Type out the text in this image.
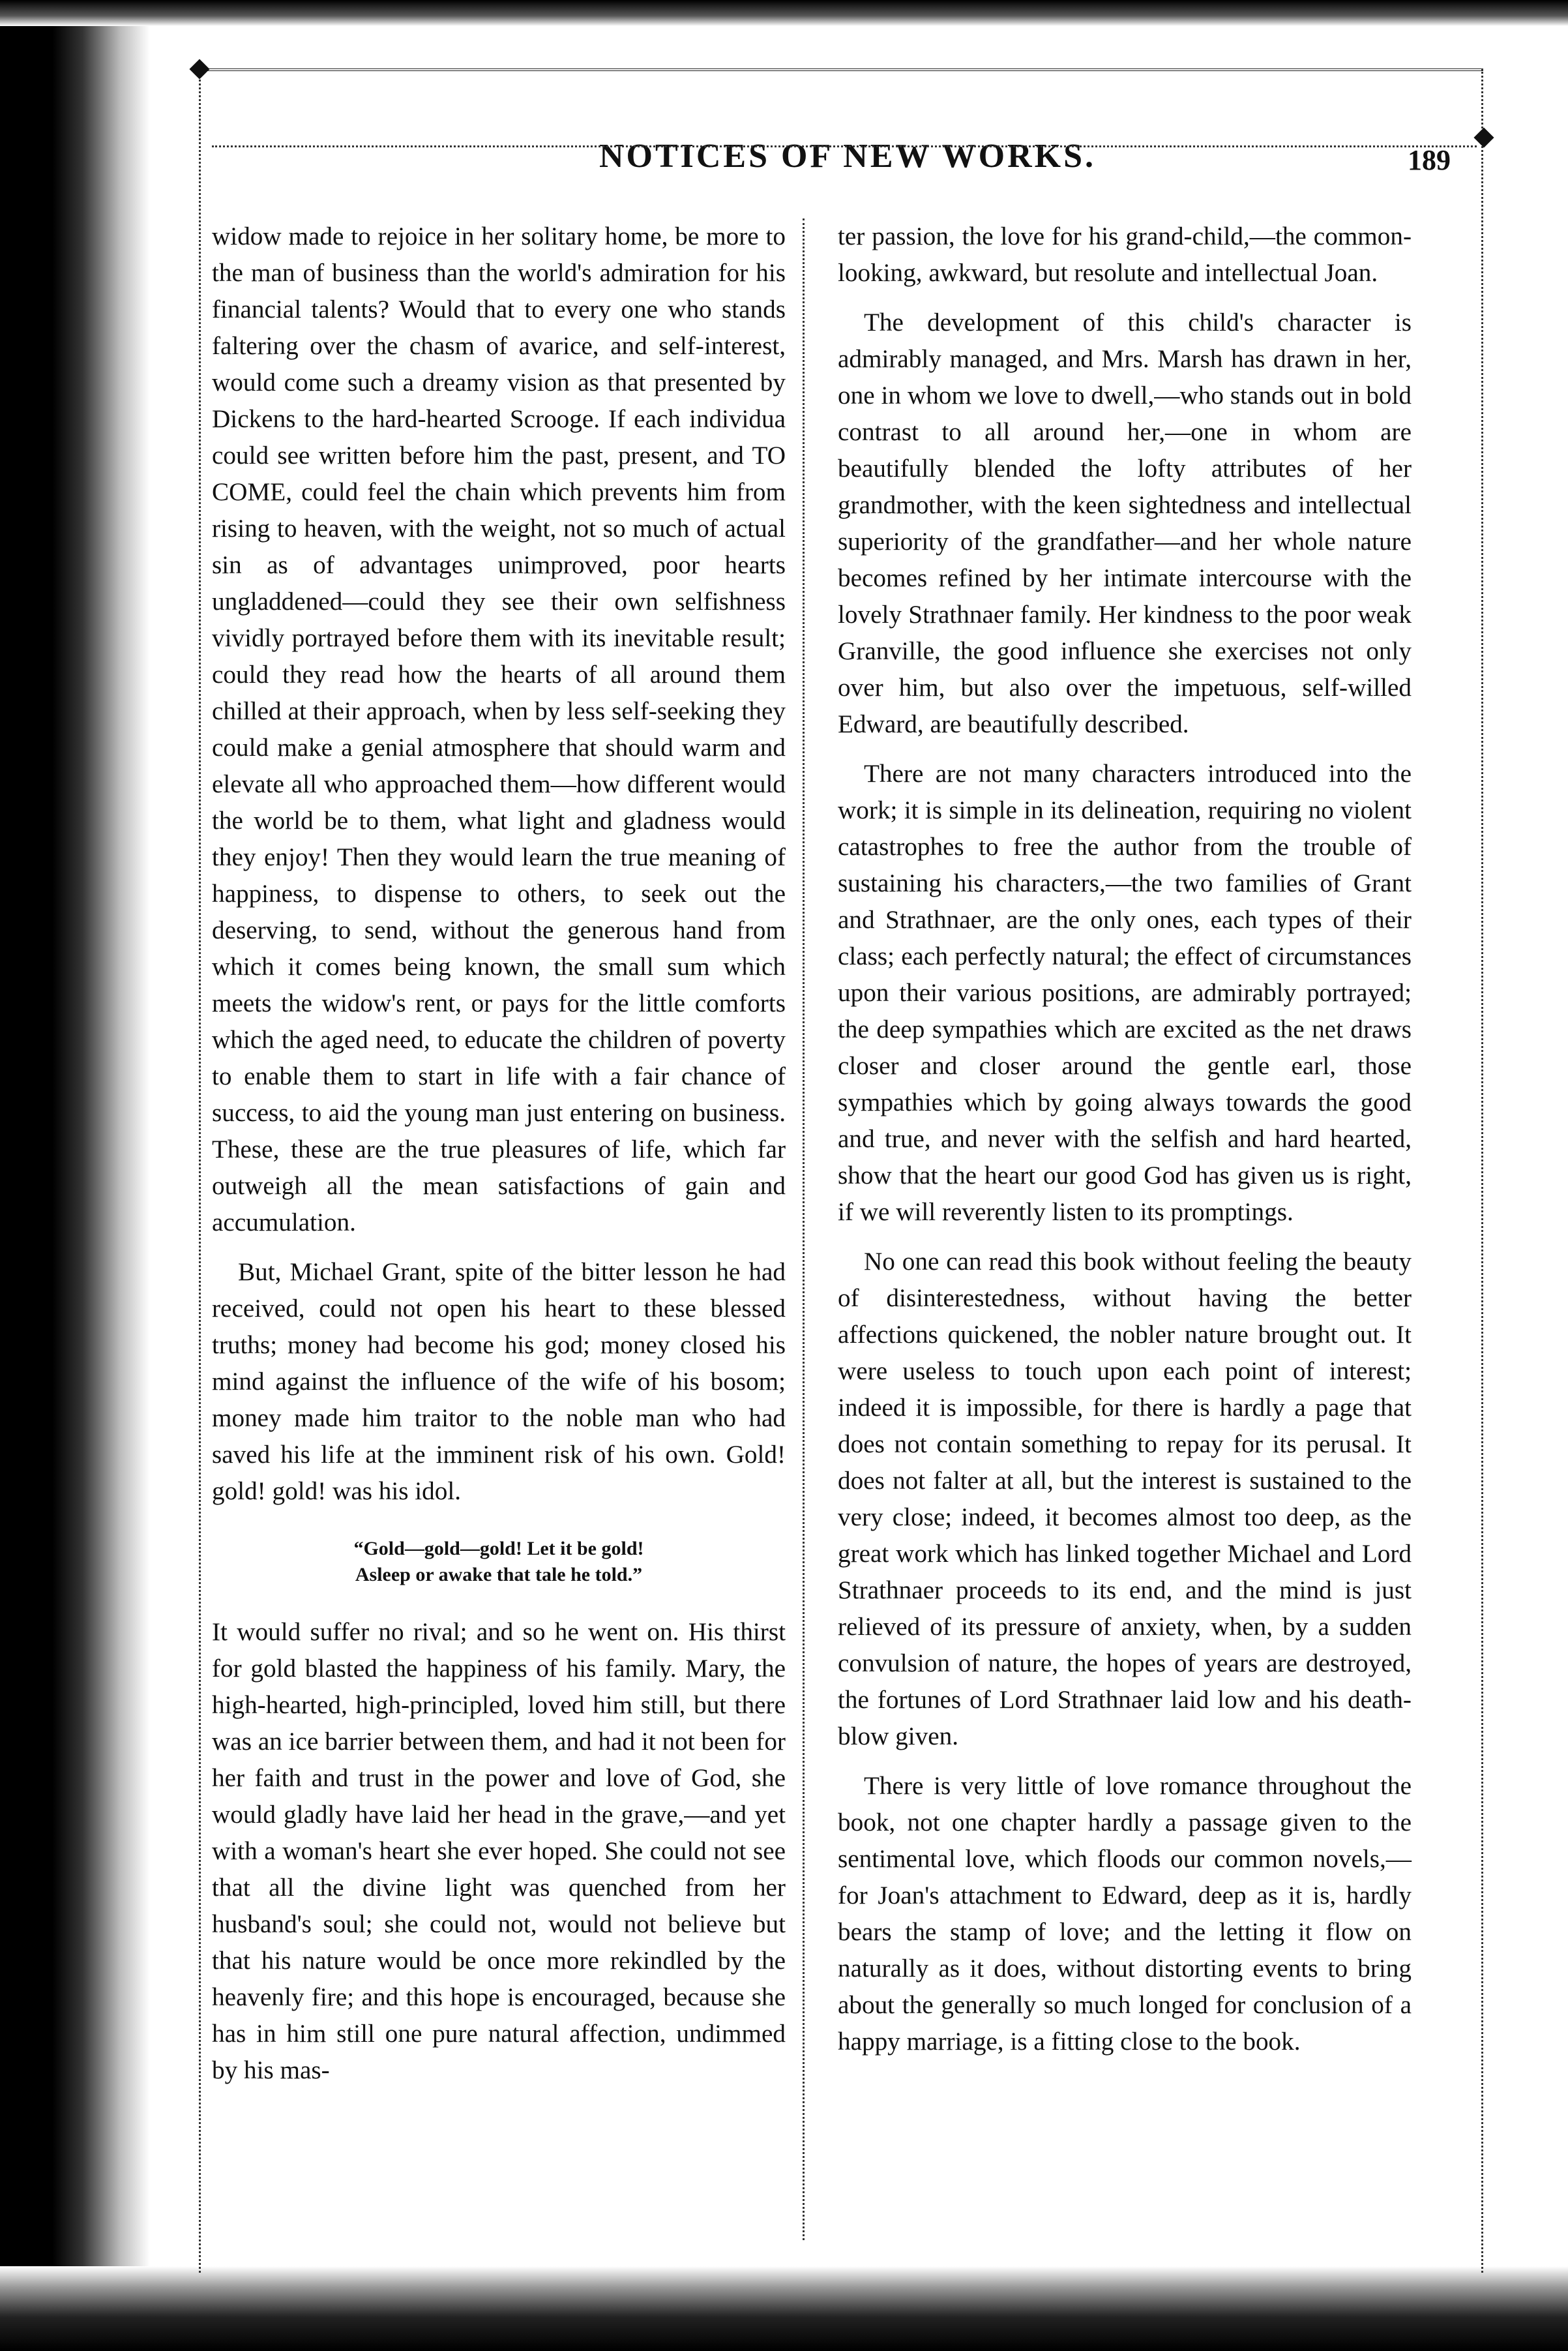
NOTICES OF NEW WORKS.	189

widow made to rejoice in her solitary home, be more to the man of business than the world's admiration for his financial talents? Would that to every one who stands faltering over the chasm of avarice, and self-interest, would come such a dreamy vision as that presented by Dickens to the hard-hearted Scrooge. If each individua could see written before him the past, present, and TO COME, could feel the chain which prevents him from rising to heaven, with the weight, not so much of actual sin as of advantages unimproved, poor hearts ungladdened—could they see their own selfishness vividly portrayed before them with its inevitable result; could they read how the hearts of all around them chilled at their approach, when by less self-seeking they could make a genial atmosphere that should warm and elevate all who approached them—how different would the world be to them, what light and gladness would they enjoy! Then they would learn the true meaning of happiness, to dispense to others, to seek out the deserving, to send, without the generous hand from which it comes being known, the small sum which meets the widow's rent, or pays for the little comforts which the aged need, to educate the children of poverty to enable them to start in life with a fair chance of success, to aid the young man just entering on business. These, these are the true pleasures of life, which far outweigh all the mean satisfactions of gain and accumulation.

But, Michael Grant, spite of the bitter lesson he had received, could not open his heart to these blessed truths; money had become his god; money closed his mind against the influence of the wife of his bosom; money made him traitor to the noble man who had saved his life at the imminent risk of his own. Gold! gold! gold! was his idol.

“Gold—gold—gold! Let it be gold!
Asleep or awake that tale he told.”

It would suffer no rival; and so he went on. His thirst for gold blasted the happiness of his family. Mary, the high-hearted, high-principled, loved him still, but there was an ice barrier between them, and had it not been for her faith and trust in the power and love of God, she would gladly have laid her head in the grave,—and yet with a woman's heart she ever hoped. She could not see that all the divine light was quenched from her husband's soul; she could not, would not believe but that his nature would be once more rekindled by the heavenly fire; and this hope is encouraged, because she has in him still one pure natural affection, undimmed by his mas-

ter passion, the love for his grand-child,—the common-looking, awkward, but resolute and intellectual Joan.

The development of this child's character is admirably managed, and Mrs. Marsh has drawn in her, one in whom we love to dwell,—who stands out in bold contrast to all around her,—one in whom are beautifully blended the lofty attributes of her grandmother, with the keen sightedness and intellectual superiority of the grandfather—and her whole nature becomes refined by her intimate intercourse with the lovely Strathnaer family. Her kindness to the poor weak Granville, the good influence she exercises not only over him, but also over the impetuous, self-willed Edward, are beautifully described.

There are not many characters introduced into the work; it is simple in its delineation, requiring no violent catastrophes to free the author from the trouble of sustaining his characters,—the two families of Grant and Strathnaer, are the only ones, each types of their class; each perfectly natural; the effect of circumstances upon their various positions, are admirably portrayed; the deep sympathies which are excited as the net draws closer and closer around the gentle earl, those sympathies which by going always towards the good and true, and never with the selfish and hard hearted, show that the heart our good God has given us is right, if we will reverently listen to its promptings.

No one can read this book without feeling the beauty of disinterestedness, without having the better affections quickened, the nobler nature brought out. It were useless to touch upon each point of interest; indeed it is impossible, for there is hardly a page that does not contain something to repay for its perusal. It does not falter at all, but the interest is sustained to the very close; indeed, it becomes almost too deep, as the great work which has linked together Michael and Lord Strathnaer proceeds to its end, and the mind is just relieved of its pressure of anxiety, when, by a sudden convulsion of nature, the hopes of years are destroyed, the fortunes of Lord Strathnaer laid low and his death-blow given.

There is very little of love romance throughout the book, not one chapter hardly a passage given to the sentimental love, which floods our common novels,—for Joan's attachment to Edward, deep as it is, hardly bears the stamp of love; and the letting it flow on naturally as it does, without distorting events to bring about the generally so much longed for conclusion of a happy marriage, is a fitting close to the book.
